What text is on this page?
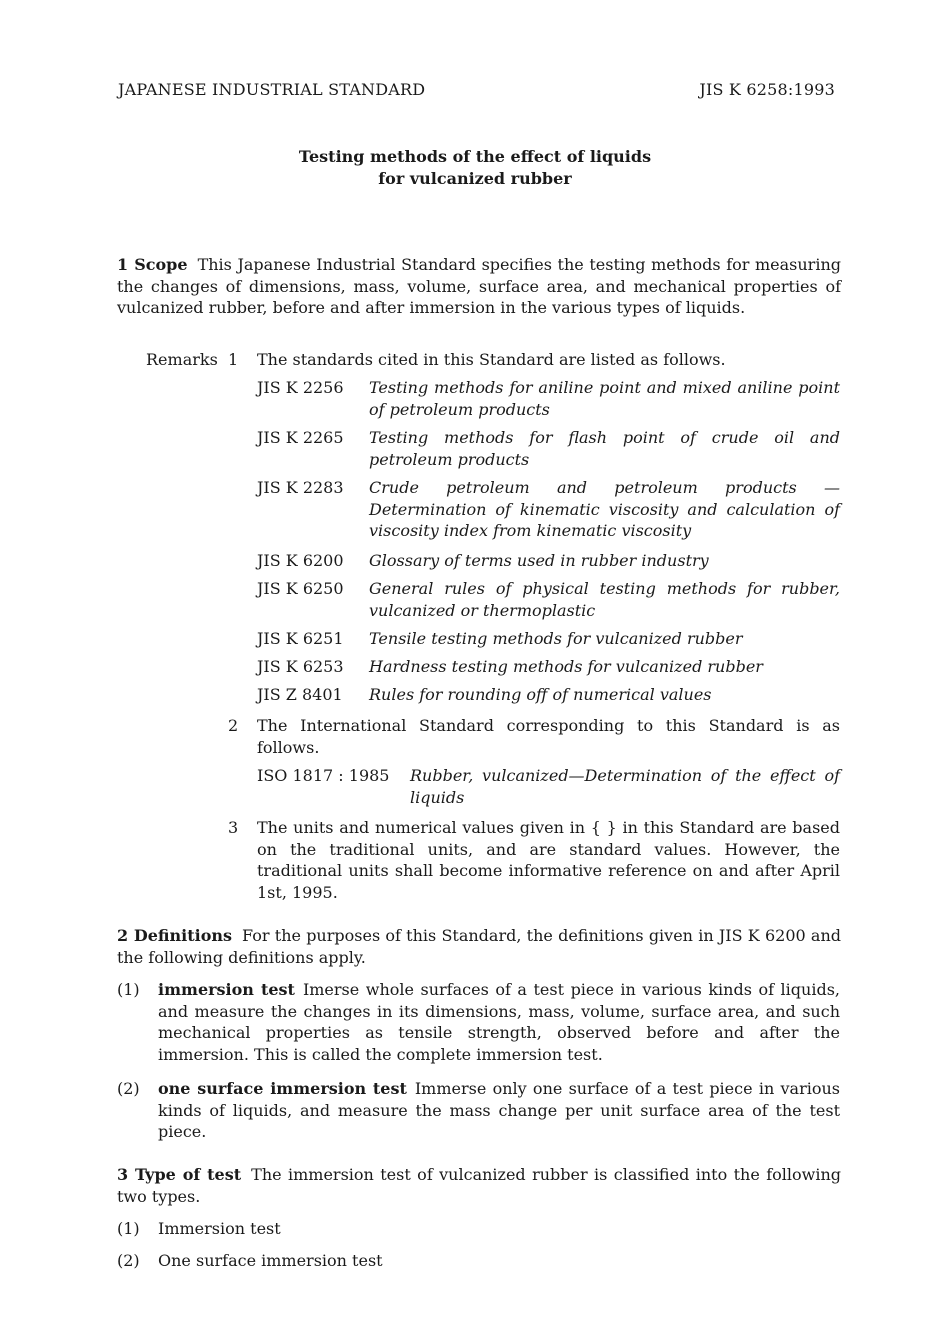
JAPANESE INDUSTRIAL STANDARD	JIS K 6258:1993
Testing methods of the effect of liquids
for vulcanized rubber
1 Scope This Japanese Industrial Standard specifies the testing methods for measuring the changes of dimensions, mass, volume, surface area, and mechanical properties of vulcanized rubber, before and after immersion in the various types of liquids.
Remarks 1 The standards cited in this Standard are listed as follows.
JIS K 2256	Testing methods for aniline point and mixed aniline point of petroleum products
JIS K 2265	Testing methods for flash point of crude oil and petroleum products
JIS K 2283	Crude petroleum and petroleum products — Determination of kinematic viscosity and calculation of viscosity index from kinematic viscosity
JIS K 6200	Glossary of terms used in rubber industry
JIS K 6250	General rules of physical testing methods for rubber, vulcanized or thermoplastic
JIS K 6251	Tensile testing methods for vulcanized rubber
JIS K 6253	Hardness testing methods for vulcanized rubber
JIS Z 8401	Rules for rounding off of numerical values
2 The International Standard corresponding to this Standard is as follows.
ISO 1817 : 1985	Rubber, vulcanized—Determination of the effect of liquids
3 The units and numerical values given in { } in this Standard are based on the traditional units, and are standard values. However, the traditional units shall become informative reference on and after April 1st, 1995.
2 Definitions For the purposes of this Standard, the definitions given in JIS K 6200 and the following definitions apply.
(1) immersion test Imerse whole surfaces of a test piece in various kinds of liquids, and measure the changes in its dimensions, mass, volume, surface area, and such mechanical properties as tensile strength, observed before and after the immersion. This is called the complete immersion test.
(2) one surface immersion test Immerse only one surface of a test piece in various kinds of liquids, and measure the mass change per unit surface area of the test piece.
3 Type of test The immersion test of vulcanized rubber is classified into the following two types.
(1) Immersion test
(2) One surface immersion test
